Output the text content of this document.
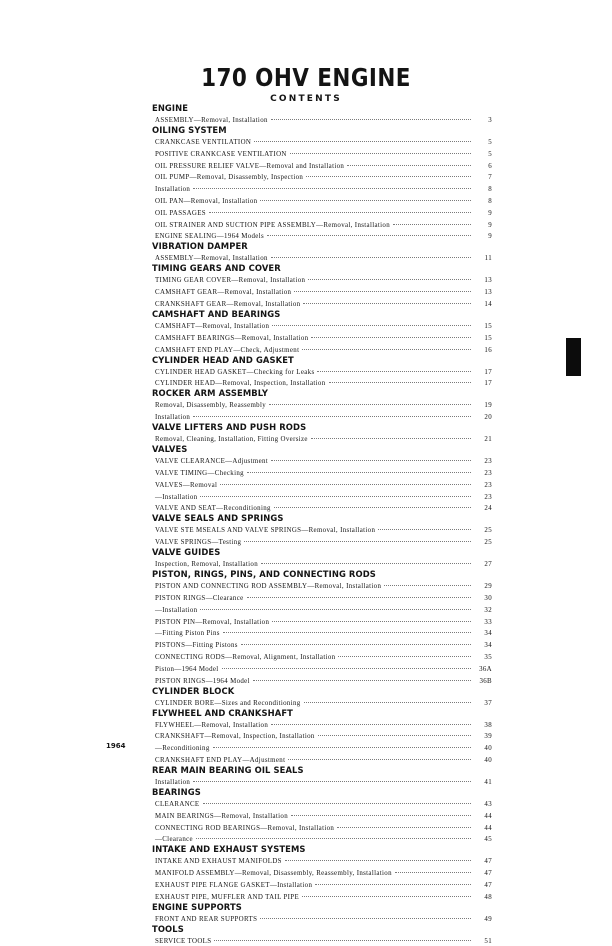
170 OHV ENGINE
CONTENTS
ENGINE
ASSEMBLY—Removal, Installation	3
OILING SYSTEM
CRANKCASE VENTILATION	5
POSITIVE CRANKCASE VENTILATION	5
OIL PRESSURE RELIEF VALVE—Removal and Installation	6
OIL PUMP—Removal, Disassembly, Inspection	7
Installation	8
OIL PAN—Removal, Installation	8
OIL PASSAGES	9
OIL STRAINER AND SUCTION PIPE ASSEMBLY—Removal, Installation	9
ENGINE SEALING—1964 Models	9
VIBRATION DAMPER
ASSEMBLY—Removal, Installation	11
TIMING GEARS AND COVER
TIMING GEAR COVER—Removal, Installation	13
CAMSHAFT GEAR—Removal, Installation	13
CRANKSHAFT GEAR—Removal, Installation	14
CAMSHAFT AND BEARINGS
CAMSHAFT—Removal, Installation	15
CAMSHAFT BEARINGS—Removal, Installation	15
CAMSHAFT END PLAY—Check, Adjustment	16
CYLINDER HEAD AND GASKET
CYLINDER HEAD GASKET—Checking for Leaks	17
CYLINDER HEAD—Removal, Inspection, Installation	17
ROCKER ARM ASSEMBLY
Removal, Disassembly, Reassembly	19
Installation	20
VALVE LIFTERS AND PUSH RODS
Removal, Cleaning, Installation, Fitting Oversize	21
VALVES
VALVE CLEARANCE—Adjustment	23
VALVE TIMING—Checking	23
VALVES—Removal	23
—Installation	23
VALVE AND SEAT—Reconditioning	24
VALVE SEALS AND SPRINGS
VALVE STE MSEALS AND VALVE SPRINGS—Removal, Installation	25
VALVE SPRINGS—Testing	25
VALVE GUIDES
Inspection, Removal, Installation	27
PISTON, RINGS, PINS, AND CONNECTING RODS
PISTON AND CONNECTING ROD ASSEMBLY—Removal, Installation	29
PISTON RINGS—Clearance	30
—Installation	32
PISTON PIN—Removal, Installation	33
—Fitting Piston Pins	34
PISTONS—Fitting Pistons	34
CONNECTING RODS—Removal, Alignment, Installation	35
Piston—1964 Model	36A
PISTON RINGS—1964 Model	36B
CYLINDER BLOCK
CYLINDER BORE—Sizes and Reconditioning	37
FLYWHEEL AND CRANKSHAFT
FLYWHEEL—Removal, Installation	38
CRANKSHAFT—Removal, Inspection, Installation	39
—Reconditioning	40
CRANKSHAFT END PLAY—Adjustment	40
REAR MAIN BEARING OIL SEALS
Installation	41
BEARINGS
CLEARANCE	43
MAIN BEARINGS—Removal, Installation	44
CONNECTING ROD BEARINGS—Removal, Installation	44
—Clearance	45
INTAKE AND EXHAUST SYSTEMS
INTAKE AND EXHAUST MANIFOLDS	47
MANIFOLD ASSEMBLY—Removal, Disassembly, Reassembly, Installation	47
EXHAUST PIPE FLANGE GASKET—Installation	47
EXHAUST PIPE, MUFFLER AND TAIL PIPE	48
ENGINE SUPPORTS
FRONT AND REAR SUPPORTS	49
TOOLS
SERVICE TOOLS	51
1964
